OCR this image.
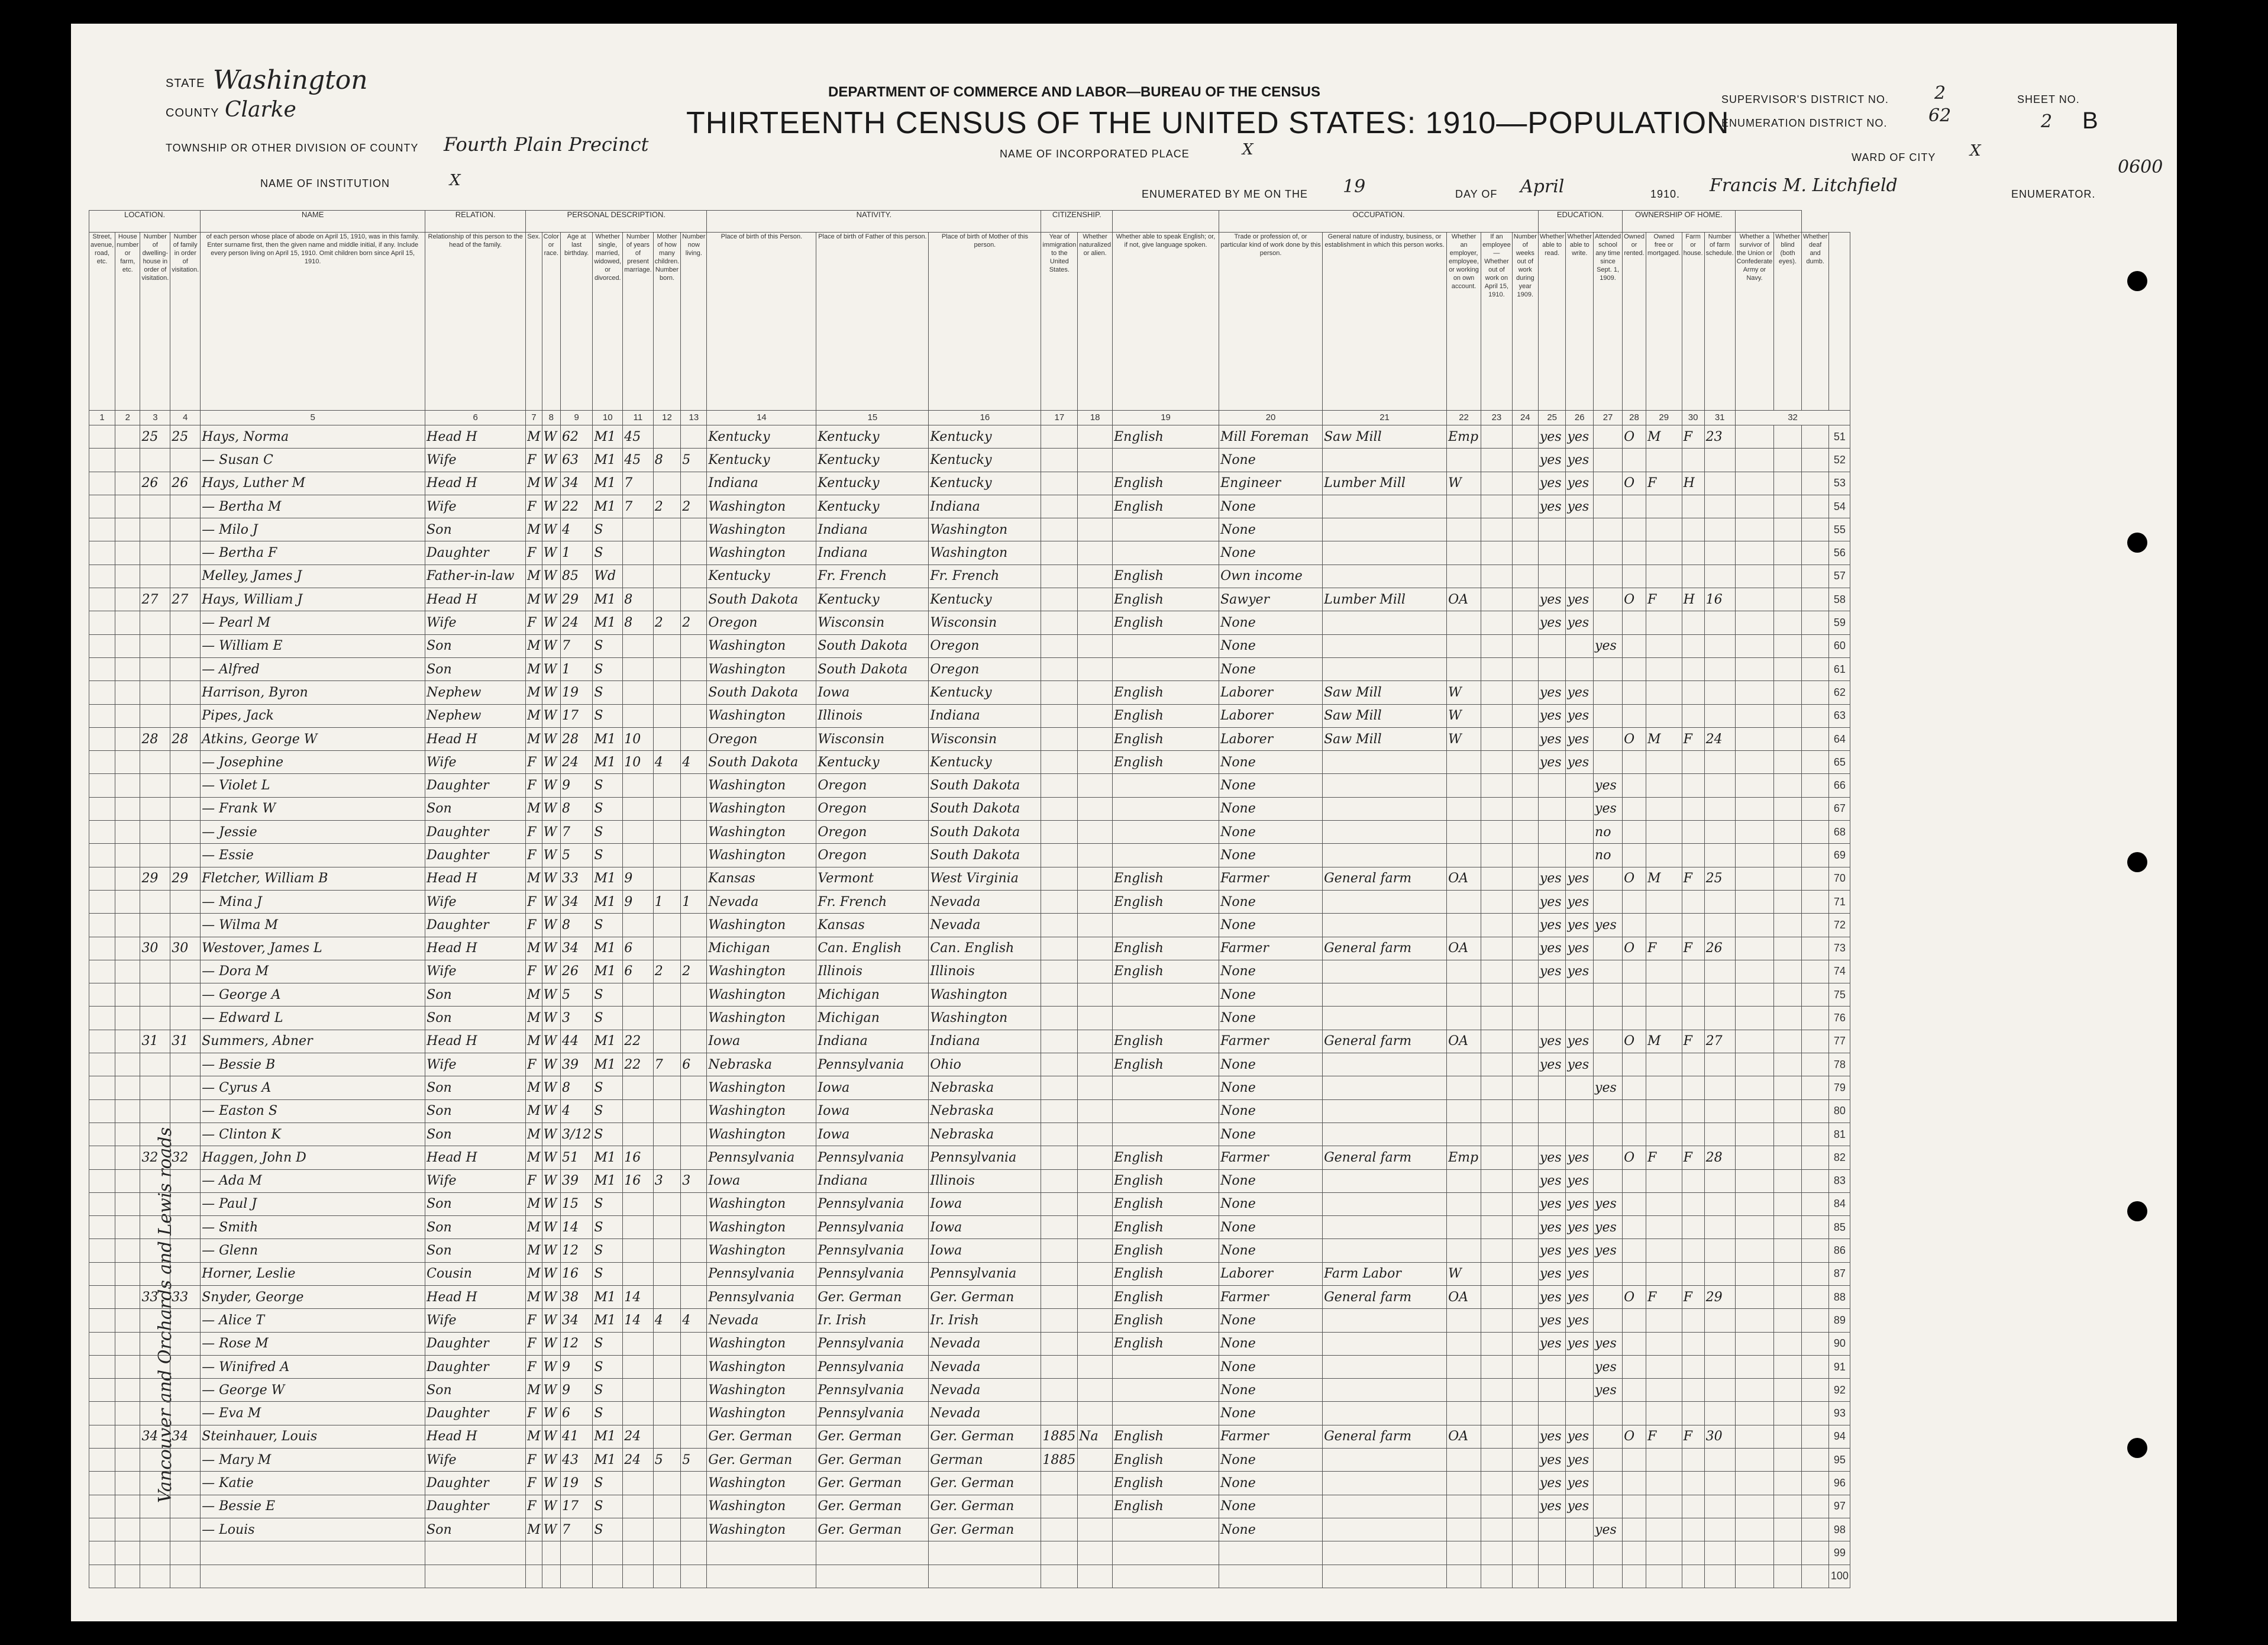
STATE Washington
COUNTY Clarke
TOWNSHIP OR OTHER DIVISION OF COUNTY Fourth Plain Precinct
NAME OF INSTITUTION	X
DEPARTMENT OF COMMERCE AND LABOR—BUREAU OF THE CENSUS
THIRTEENTH CENSUS OF THE UNITED STATES: 1910—POPULATION
NAME OF INCORPORATED PLACE	X
ENUMERATED BY ME ON THE 19	DAY OF April	1910. Francis M. Litchfield	ENUMERATOR.
SUPERVISOR'S DISTRICT NO.	2
ENUMERATION DISTRICT NO. 62
SHEET NO.
2 B
WARD OF CITY X
0600
Vancouver and Orchards and Lewis roads
LOCATION.				NAME	RELATION.	PERSONAL DESCRIPTION.							NATIVITY.			CITIZENSHIP.			OCCUPATION.					EDUCATION.			OWNERSHIP OF HOME.							
Street, avenue, road, etc.	House number or farm, etc.	Number of dwelling-house in order of visitation.	Number of family in order of visitation.	of each person whose place of abode on April 15, 1910, was in this family. Enter surname first, then the given name and middle initial, if any. Include every person living on April 15, 1910. Omit children born since April 15, 1910.	Relationship of this person to the head of the family.	Sex.	Color or race.	Age at last birthday.	Whether single, married, widowed, or divorced.	Number of years of present marriage.	Mother of how many children. Number born.	Number now living.	Place of birth of this Person.	Place of birth of Father of this person.	Place of birth of Mother of this person.	Year of immigration to the United States.	Whether naturalized or alien.	Whether able to speak English; or, if not, give language spoken.	Trade or profession of, or particular kind of work done by this person.	General nature of industry, business, or establishment in which this person works.	Whether an employer, employee, or working on own account.	If an employee— Whether out of work on April 15, 1910.	Number of weeks out of work during year 1909.	Whether able to read.	Whether able to write.	Attended school any time since Sept. 1, 1909.	Owned or rented.	Owned free or mortgaged.	Farm or house.	Number of farm schedule.	Whether a survivor of the Union or Confederate Army or Navy.	Whether blind (both eyes).	Whether deaf and dumb.	
1	2	3	4	5	6	7	8	9	10	11	12	13	14	15	16	17	18	19	20	21	22	23	24	25	26	27	28	29	30	31	32			
		25	25	Hays, Norma	Head H	M	W	62	M1	45			Kentucky	Kentucky	Kentucky			English	Mill Foreman	Saw Mill	Emp			yes	yes		O	M	F	23				51
				— Susan C	Wife	F	W	63	M1	45	8	5	Kentucky	Kentucky	Kentucky				None					yes	yes									52
		26	26	Hays, Luther M	Head H	M	W	34	M1	7			Indiana	Kentucky	Kentucky			English	Engineer	Lumber Mill	W			yes	yes		O	F	H					53
				— Bertha M	Wife	F	W	22	M1	7	2	2	Washington	Kentucky	Indiana			English	None					yes	yes									54
				— Milo J	Son	M	W	4	S				Washington	Indiana	Washington				None															55
				— Bertha F	Daughter	F	W	1	S				Washington	Indiana	Washington				None															56
				Melley, James J	Father-in-law	M	W	85	Wd				Kentucky	Fr. French	Fr. French			English	Own income															57
		27	27	Hays, William J	Head H	M	W	29	M1	8			South Dakota	Kentucky	Kentucky			English	Sawyer	Lumber Mill	OA			yes	yes		O	F	H	16				58
				— Pearl M	Wife	F	W	24	M1	8	2	2	Oregon	Wisconsin	Wisconsin			English	None					yes	yes									59
				— William E	Son	M	W	7	S				Washington	South Dakota	Oregon				None							yes								60
				— Alfred	Son	M	W	1	S				Washington	South Dakota	Oregon				None															61
				Harrison, Byron	Nephew	M	W	19	S				South Dakota	Iowa	Kentucky			English	Laborer	Saw Mill	W			yes	yes									62
				Pipes, Jack	Nephew	M	W	17	S				Washington	Illinois	Indiana			English	Laborer	Saw Mill	W			yes	yes									63
		28	28	Atkins, George W	Head H	M	W	28	M1	10			Oregon	Wisconsin	Wisconsin			English	Laborer	Saw Mill	W			yes	yes		O	M	F	24				64
				— Josephine	Wife	F	W	24	M1	10	4	4	South Dakota	Kentucky	Kentucky			English	None					yes	yes									65
				— Violet L	Daughter	F	W	9	S				Washington	Oregon	South Dakota				None							yes								66
				— Frank W	Son	M	W	8	S				Washington	Oregon	South Dakota				None							yes								67
				— Jessie	Daughter	F	W	7	S				Washington	Oregon	South Dakota				None							no								68
				— Essie	Daughter	F	W	5	S				Washington	Oregon	South Dakota				None							no								69
		29	29	Fletcher, William B	Head H	M	W	33	M1	9			Kansas	Vermont	West Virginia			English	Farmer	General farm	OA			yes	yes		O	M	F	25				70
				— Mina J	Wife	F	W	34	M1	9	1	1	Nevada	Fr. French	Nevada			English	None					yes	yes									71
				— Wilma M	Daughter	F	W	8	S				Washington	Kansas	Nevada				None					yes	yes	yes								72
		30	30	Westover, James L	Head H	M	W	34	M1	6			Michigan	Can. English	Can. English			English	Farmer	General farm	OA			yes	yes		O	F	F	26				73
				— Dora M	Wife	F	W	26	M1	6	2	2	Washington	Illinois	Illinois			English	None					yes	yes									74
				— George A	Son	M	W	5	S				Washington	Michigan	Washington				None															75
				— Edward L	Son	M	W	3	S				Washington	Michigan	Washington				None															76
		31	31	Summers, Abner	Head H	M	W	44	M1	22			Iowa	Indiana	Indiana			English	Farmer	General farm	OA			yes	yes		O	M	F	27				77
				— Bessie B	Wife	F	W	39	M1	22	7	6	Nebraska	Pennsylvania	Ohio			English	None					yes	yes									78
				— Cyrus A	Son	M	W	8	S				Washington	Iowa	Nebraska				None							yes								79
				— Easton S	Son	M	W	4	S				Washington	Iowa	Nebraska				None															80
				— Clinton K	Son	M	W	3/12	S				Washington	Iowa	Nebraska				None															81
		32	32	Haggen, John D	Head H	M	W	51	M1	16			Pennsylvania	Pennsylvania	Pennsylvania			English	Farmer	General farm	Emp			yes	yes		O	F	F	28				82
				— Ada M	Wife	F	W	39	M1	16	3	3	Iowa	Indiana	Illinois			English	None					yes	yes									83
				— Paul J	Son	M	W	15	S				Washington	Pennsylvania	Iowa			English	None					yes	yes	yes								84
				— Smith	Son	M	W	14	S				Washington	Pennsylvania	Iowa			English	None					yes	yes	yes								85
				— Glenn	Son	M	W	12	S				Washington	Pennsylvania	Iowa			English	None					yes	yes	yes								86
				Horner, Leslie	Cousin	M	W	16	S				Pennsylvania	Pennsylvania	Pennsylvania			English	Laborer	Farm Labor	W			yes	yes									87
		33	33	Snyder, George	Head H	M	W	38	M1	14			Pennsylvania	Ger. German	Ger. German			English	Farmer	General farm	OA			yes	yes		O	F	F	29				88
				— Alice T	Wife	F	W	34	M1	14	4	4	Nevada	Ir. Irish	Ir. Irish			English	None					yes	yes									89
				— Rose M	Daughter	F	W	12	S				Washington	Pennsylvania	Nevada			English	None					yes	yes	yes								90
				— Winifred A	Daughter	F	W	9	S				Washington	Pennsylvania	Nevada				None							yes								91
				— George W	Son	M	W	9	S				Washington	Pennsylvania	Nevada				None							yes								92
				— Eva M	Daughter	F	W	6	S				Washington	Pennsylvania	Nevada				None															93
		34	34	Steinhauer, Louis	Head H	M	W	41	M1	24			Ger. German	Ger. German	Ger. German	1885	Na	English	Farmer	General farm	OA			yes	yes		O	F	F	30				94
				— Mary M	Wife	F	W	43	M1	24	5	5	Ger. German	Ger. German	German	1885		English	None					yes	yes									95
				— Katie	Daughter	F	W	19	S				Washington	Ger. German	Ger. German			English	None					yes	yes									96
				— Bessie E	Daughter	F	W	17	S				Washington	Ger. German	Ger. German			English	None					yes	yes									97
				— Louis	Son	M	W	7	S				Washington	Ger. German	Ger. German				None							yes								98
																																		99
																																		100
